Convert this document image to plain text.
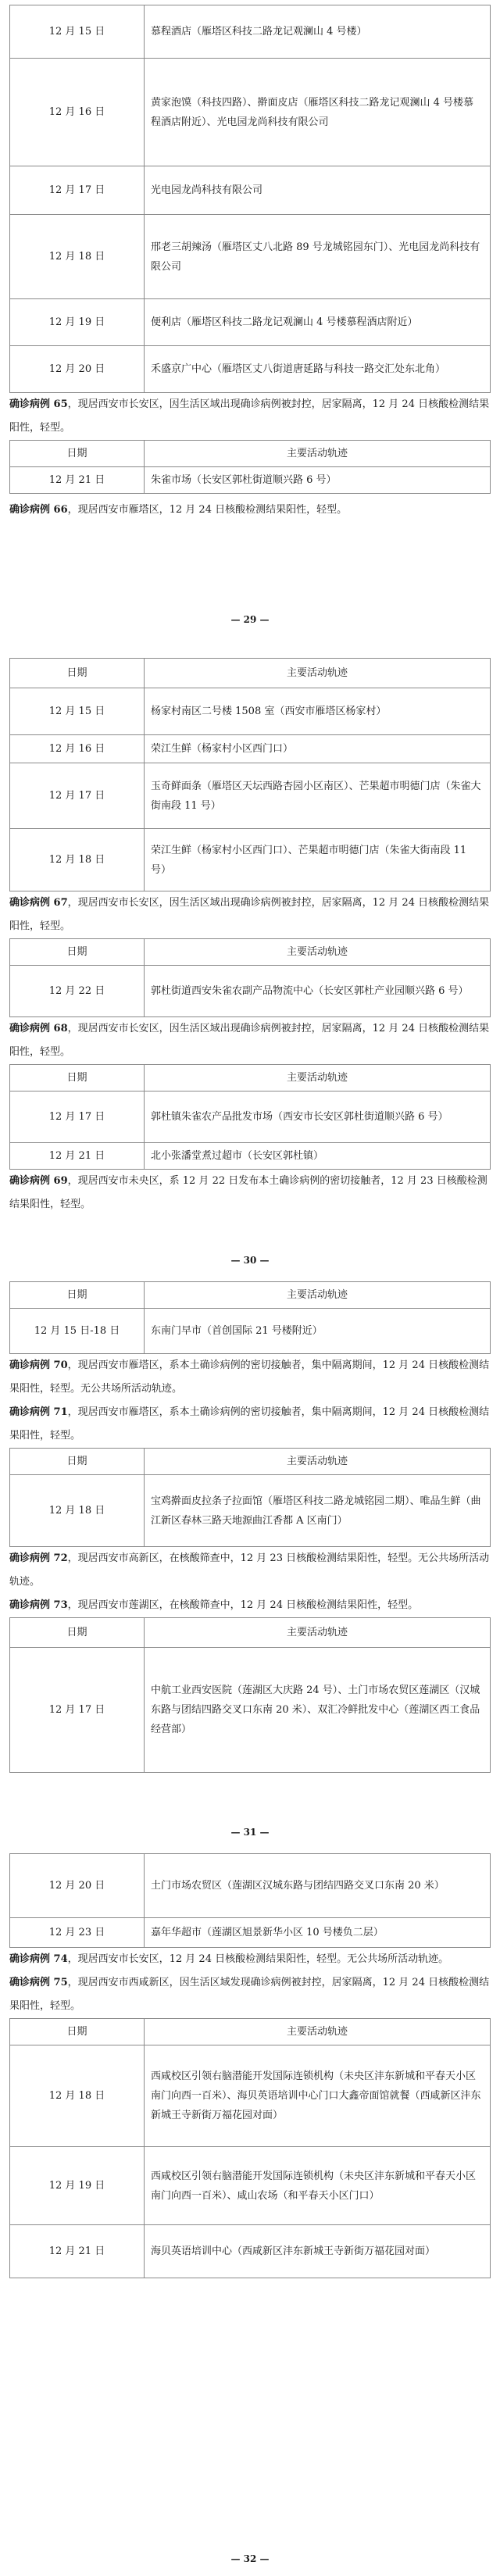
12 月 15 日	慕程酒店（雁塔区科技二路龙记观澜山 4 号楼）
12 月 16 日	黄家泡馍（科技四路）、擀面皮店（雁塔区科技二路龙记观澜山 4 号楼慕程酒店附近）、光电园龙尚科技有限公司
12 月 17 日	光电园龙尚科技有限公司
12 月 18 日	邢老三胡辣汤（雁塔区丈八北路 89 号龙城铭园东门）、光电园龙尚科技有限公司
12 月 19 日	便利店（雁塔区科技二路龙记观澜山 4 号楼慕程酒店附近）
12 月 20 日	禾盛京广中心（雁塔区丈八街道唐延路与科技一路交汇处东北角）
确诊病例 65，现居西安市长安区，因生活区域出现确诊病例被封控，居家隔离，12 月 24 日核酸检测结果阳性，轻型。
日期	主要活动轨迹
12 月 21 日	朱雀市场（长安区郭杜街道顺兴路 6 号）
确诊病例 66，现居西安市雁塔区，12 月 24 日核酸检测结果阳性，轻型。
— 29 —
日期	主要活动轨迹
12 月 15 日	杨家村南区二号楼 1508 室（西安市雁塔区杨家村）
12 月 16 日	荣江生鲜（杨家村小区西门口）
12 月 17 日	玉奇鲜面条（雁塔区天坛西路杏园小区南区）、芒果超市明德门店（朱雀大街南段 11 号）
12 月 18 日	荣江生鲜（杨家村小区西门口）、芒果超市明德门店（朱雀大街南段 11 号）
确诊病例 67，现居西安市长安区，因生活区域出现确诊病例被封控，居家隔离，12 月 24 日核酸检测结果阳性，轻型。
日期	主要活动轨迹
12 月 22 日	郭杜街道西安朱雀农副产品物流中心（长安区郭杜产业园顺兴路 6 号）
确诊病例 68，现居西安市长安区，因生活区域出现确诊病例被封控，居家隔离，12 月 24 日核酸检测结果阳性，轻型。
日期	主要活动轨迹
12 月 17 日	郭杜镇朱雀农产品批发市场（西安市长安区郭杜街道顺兴路 6 号）
12 月 21 日	北小张潘堂煮过超市（长安区郭杜镇）
确诊病例 69，现居西安市未央区，系 12 月 22 日发布本土确诊病例的密切接触者，12 月 23 日核酸检测结果阳性，轻型。
— 30 —
日期	主要活动轨迹
12 月 15 日-18 日	东南门早市（首创国际 21 号楼附近）
确诊病例 70，现居西安市雁塔区，系本土确诊病例的密切接触者，集中隔离期间，12 月 24 日核酸检测结果阳性，轻型。无公共场所活动轨迹。
确诊病例 71，现居西安市雁塔区，系本土确诊病例的密切接触者，集中隔离期间，12 月 24 日核酸检测结果阳性，轻型。
日期	主要活动轨迹
12 月 18 日	宝鸡擀面皮拉条子拉面馆（雁塔区科技二路龙城铭园二期）、唯品生鲜（曲江新区春林三路天地源曲江香都 A 区南门）
确诊病例 72，现居西安市高新区，在核酸筛查中，12 月 23 日核酸检测结果阳性，轻型。无公共场所活动轨迹。
确诊病例 73，现居西安市莲湖区，在核酸筛查中，12 月 24 日核酸检测结果阳性，轻型。
日期	主要活动轨迹
12 月 17 日	中航工业西安医院（莲湖区大庆路 24 号）、土门市场农贸区莲湖区（汉城东路与团结四路交叉口东南 20 米）、双汇冷鲜批发中心（莲湖区西工食品经营部）
— 31 —
12 月 20 日	土门市场农贸区（莲湖区汉城东路与团结四路交叉口东南 20 米）
12 月 23 日	嘉年华超市（莲湖区旭景新华小区 10 号楼负二层）
确诊病例 74，现居西安市长安区，12 月 24 日核酸检测结果阳性，轻型。无公共场所活动轨迹。
确诊病例 75，现居西安市西咸新区，因生活区域发现确诊病例被封控，居家隔离，12 月 24 日核酸检测结果阳性，轻型。
日期	主要活动轨迹
12 月 18 日	西咸校区引领右脑潜能开发国际连锁机构（未央区沣东新城和平春天小区南门向西一百米）、海贝英语培训中心门口大鑫帝面馆就餐（西咸新区沣东新城王寺新街万福花园对面）
12 月 19 日	西咸校区引领右脑潜能开发国际连锁机构（未央区沣东新城和平春天小区南门向西一百米）、咸山农场（和平春天小区门口）
12 月 21 日	海贝英语培训中心（西咸新区沣东新城王寺新街万福花园对面）
— 32 —
